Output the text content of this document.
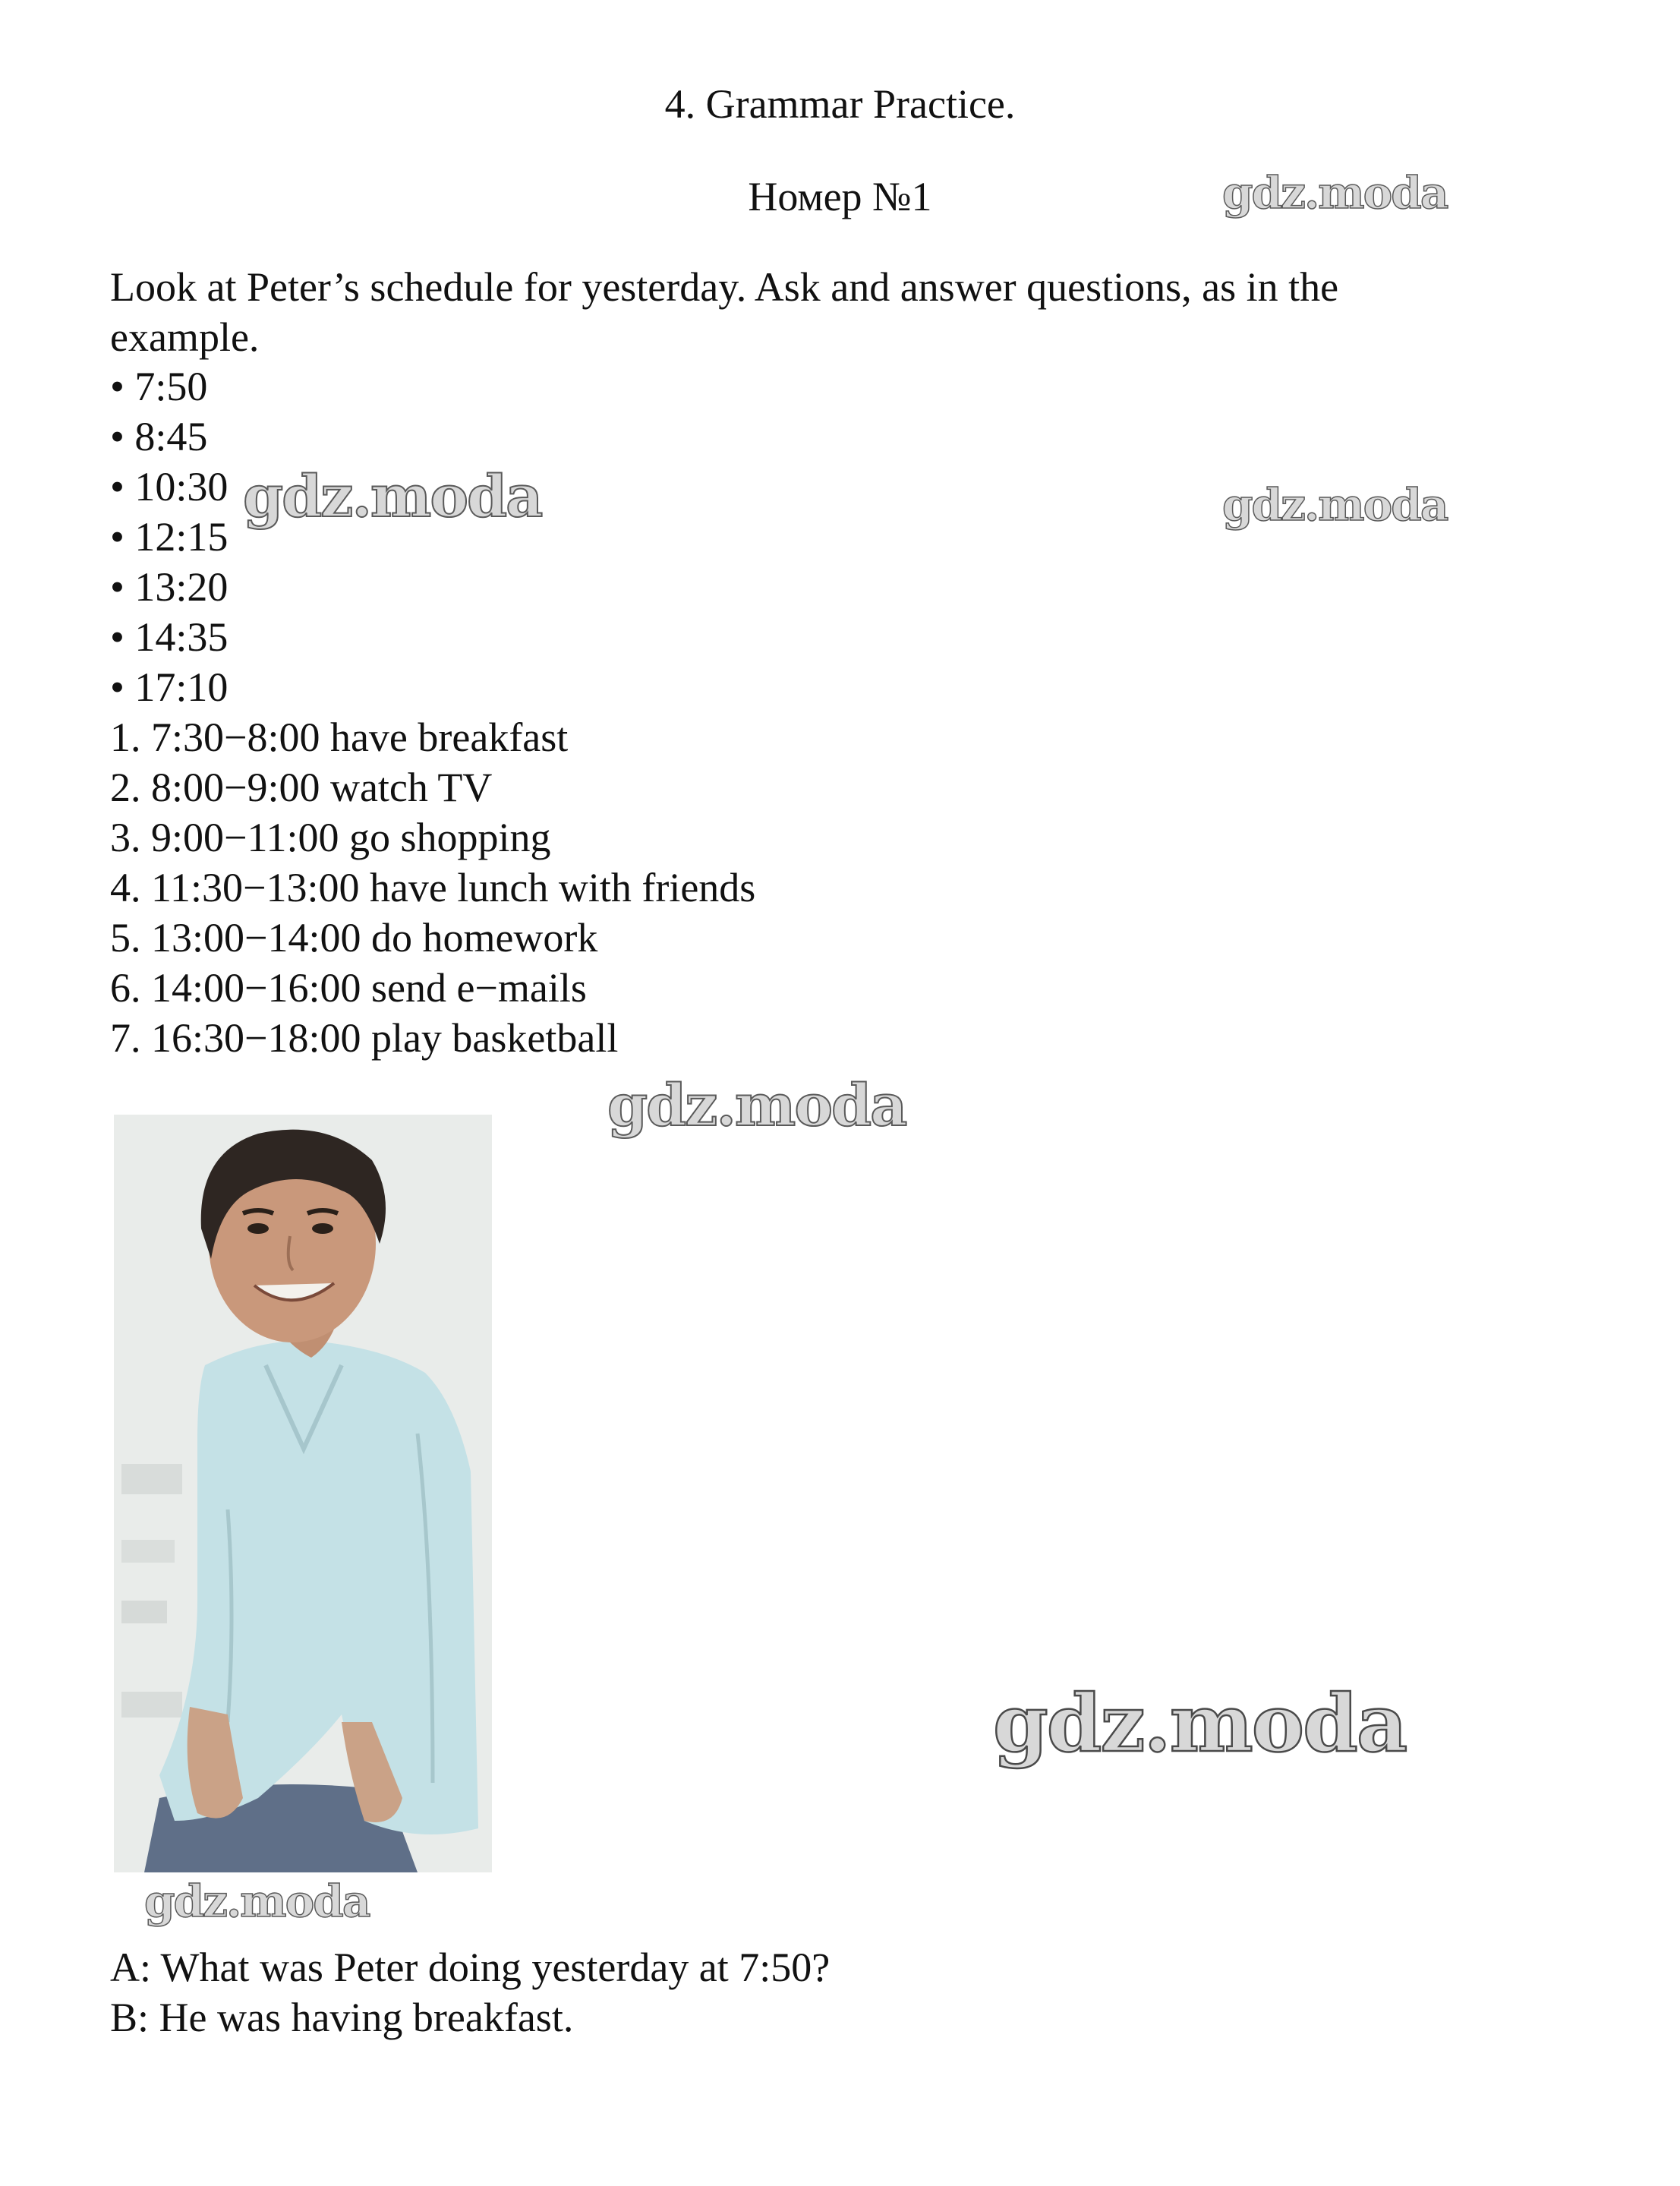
4. Grammar Practice.
Номер №1
Look at Peter’s schedule for yesterday. Ask and answer questions, as in the example.
• 7:50
• 8:45
• 10:30
• 12:15
• 13:20
• 14:35
• 17:10
1. 7:30−8:00 have breakfast
2. 8:00−9:00 watch TV
3. 9:00−11:00 go shopping
4. 11:30−13:00 have lunch with friends
5. 13:00−14:00 do homework
6. 14:00−16:00 send e−mails
7. 16:30−18:00 play basketball
A: What was Peter doing yesterday at 7:50?
B: He was having breakfast.
gdz.moda
gdz.moda	gdz.moda
gdz.moda
gdz.moda
gdz.moda
